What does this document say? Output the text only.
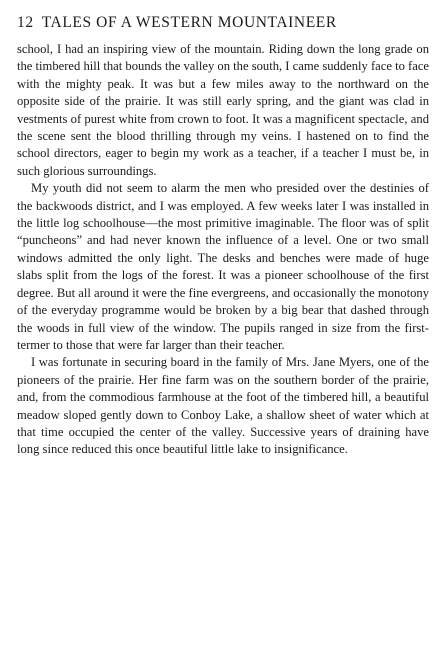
12 TALES OF A WESTERN MOUNTAINEER

school, I had an inspiring view of the mountain. Riding down the long grade on the timbered hill that bounds the valley on the south, I came suddenly face to face with the mighty peak. It was but a few miles away to the northward on the opposite side of the prairie. It was still early spring, and the giant was clad in vestments of purest white from crown to foot. It was a magnificent spectacle, and the scene sent the blood thrilling through my veins. I hastened on to find the school directors, eager to begin my work as a teacher, if a teacher I must be, in such glorious surroundings.

My youth did not seem to alarm the men who presided over the destinies of the backwoods district, and I was employed. A few weeks later I was installed in the little log schoolhouse—the most primitive imaginable. The floor was of split “puncheons” and had never known the influence of a level. One or two small windows admitted the only light. The desks and benches were made of huge slabs split from the logs of the forest. It was a pioneer schoolhouse of the first degree. But all around it were the fine evergreens, and occasionally the monotony of the everyday programme would be broken by a big bear that dashed through the woods in full view of the window. The pupils ranged in size from the first-termer to those that were far larger than their teacher.

I was fortunate in securing board in the family of Mrs. Jane Myers, one of the pioneers of the prairie. Her fine farm was on the southern border of the prairie, and, from the commodious farmhouse at the foot of the timbered hill, a beautiful meadow sloped gently down to Conboy Lake, a shallow sheet of water which at that time occupied the center of the valley. Successive years of draining have long since reduced this once beautiful little lake to insignificance.
